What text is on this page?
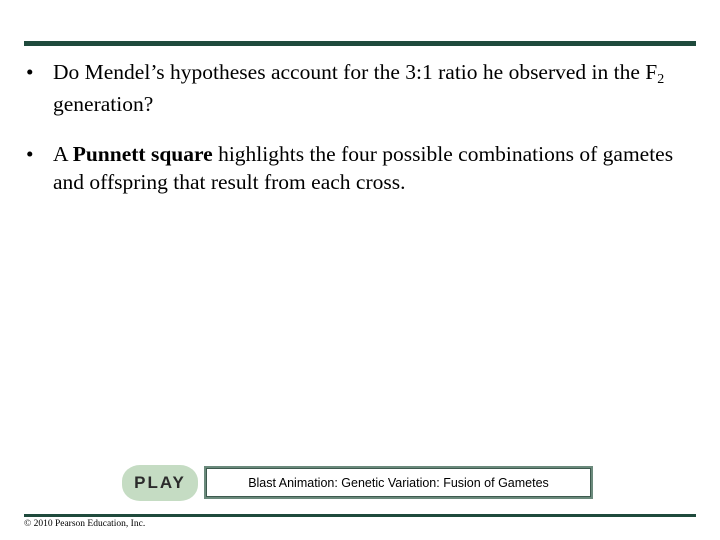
• Do Mendel’s hypotheses account for the 3:1 ratio he observed in the F2 generation?
• A Punnett square highlights the four possible combinations of gametes and offspring that result from each cross.
PLAY	Blast Animation: Genetic Variation: Fusion of Gametes
© 2010 Pearson Education, Inc.
